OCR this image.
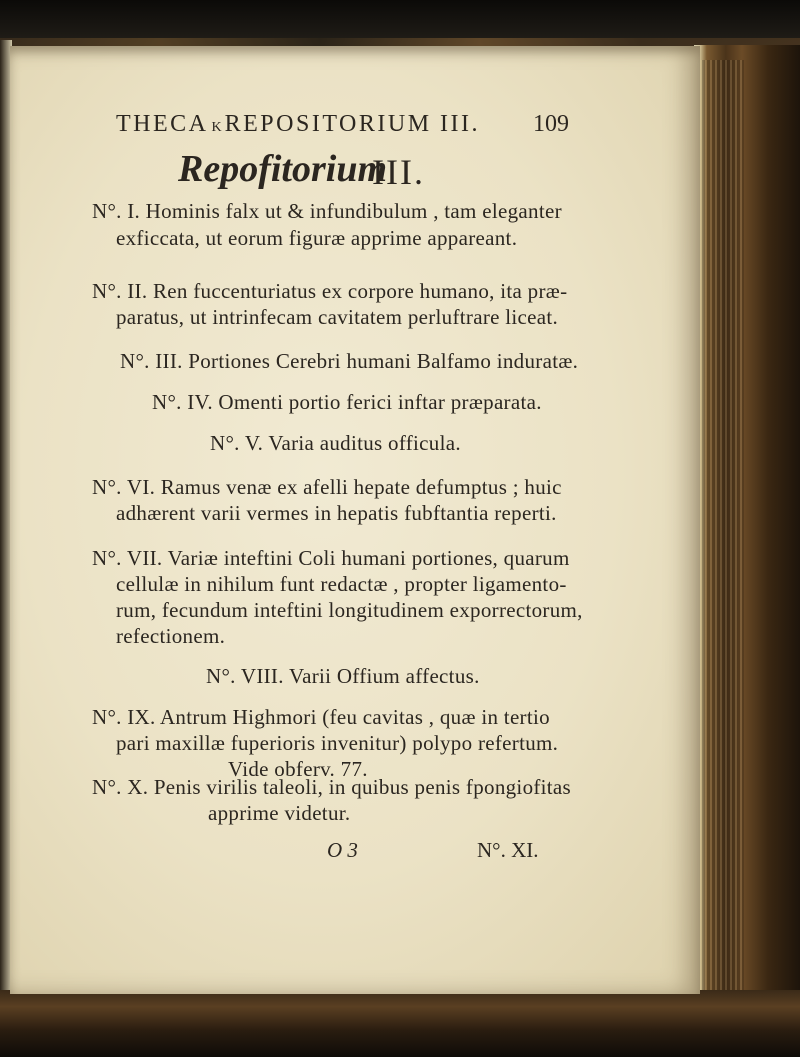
THECA K REPOSITORIUM III. 109
Repofitorium
III.
N°. I. Hominis falx ut & infundibulum , tam eleganter
exficcata, ut eorum figuræ apprime appareant.
N°. II. Ren fuccenturiatus ex corpore humano, ita præ-
paratus, ut intrinfecam cavitatem perluftrare liceat.
N°. III. Portiones Cerebri humani Balfamo induratæ.
N°. IV. Omenti portio ferici inftar præparata.
N°. V. Varia auditus officula.
N°. VI. Ramus venæ ex afelli hepate defumptus ; huic
adhærent varii vermes in hepatis fubftantia reperti.
N°. VII. Variæ inteftini Coli humani portiones, quarum
cellulæ in nihilum funt redactæ , propter ligamento-
rum, fecundum inteftini longitudinem exporrectorum,
refectionem.
N°. VIII. Varii Offium affectus.
N°. IX. Antrum Highmori (feu cavitas , quæ in tertio
pari maxillæ fuperioris invenitur) polypo refertum.
Vide obferv. 77.
N°. X. Penis virilis taleoli, in quibus penis fpongiofitas
apprime videtur.
O 3	N°. XI.
